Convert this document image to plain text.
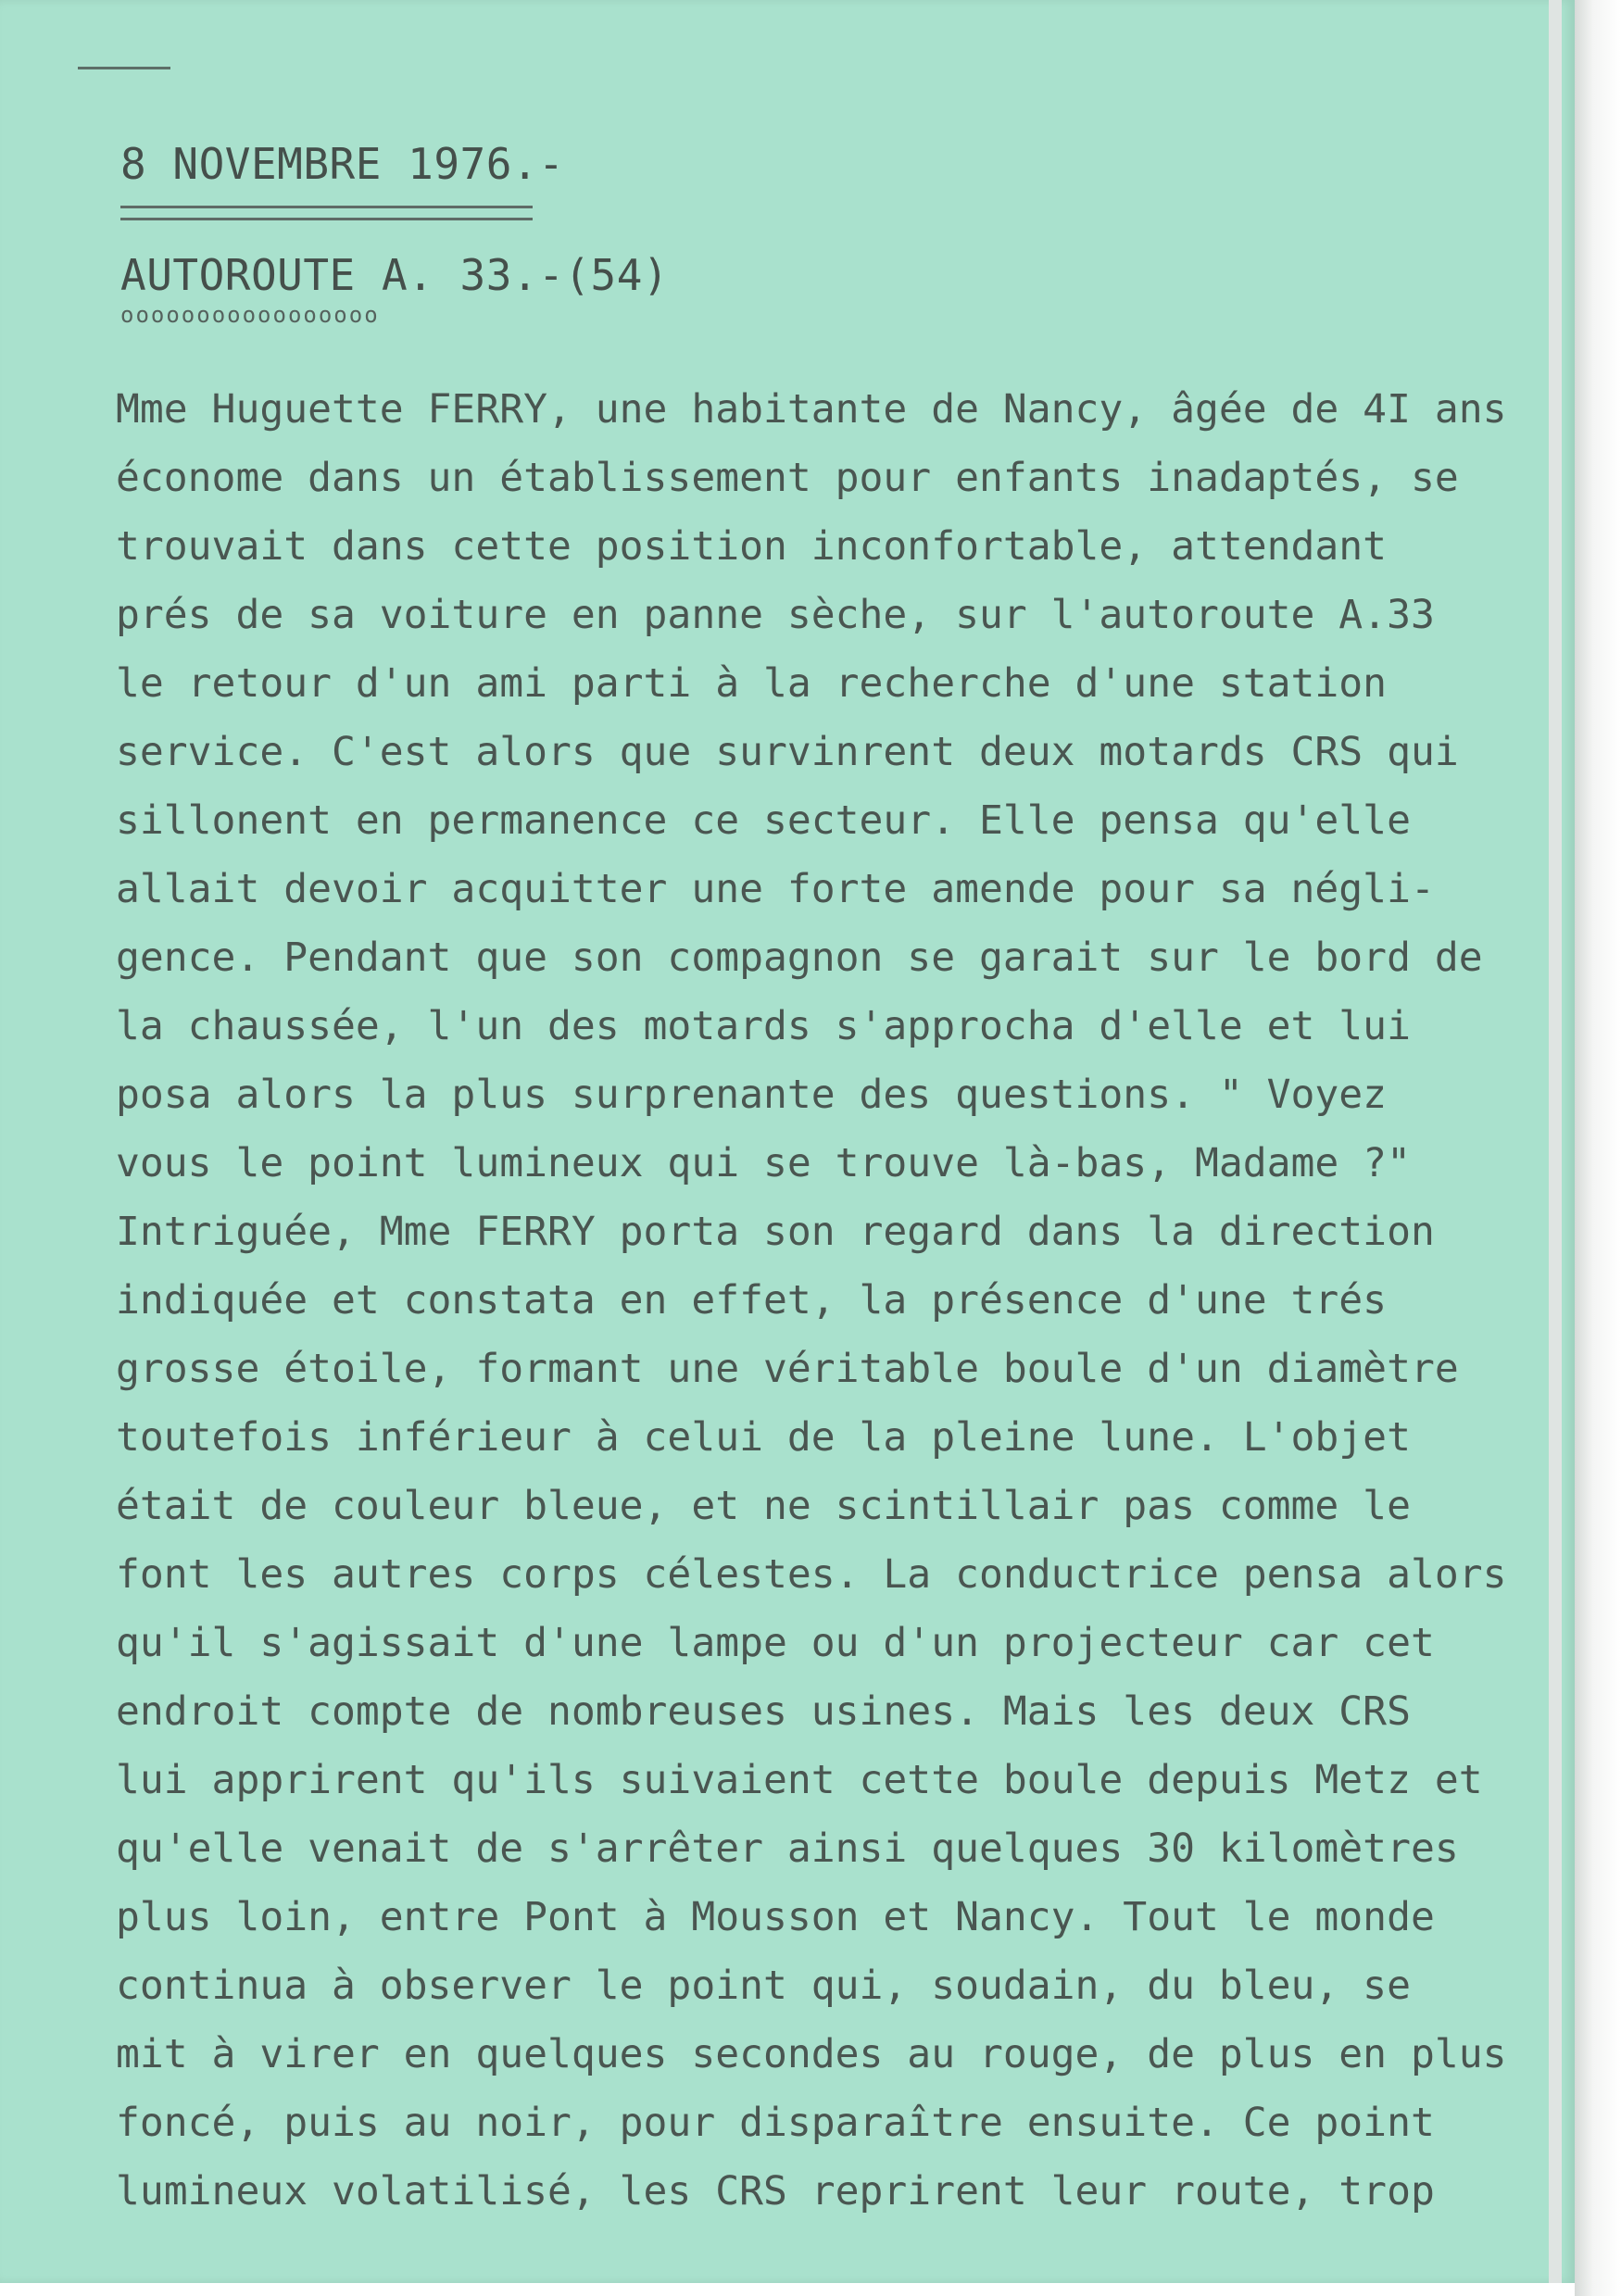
8 NOVEMBRE 1976.-
AUTOROUTE A. 33.-(54)
ooooooooooooooooo
Mme Huguette FERRY, une habitante de Nancy, âgée de 4I ans
économe dans un établissement pour enfants inadaptés, se
trouvait dans cette position inconfortable, attendant
prés de sa voiture en panne sèche, sur l'autoroute A.33
le retour d'un ami parti à la recherche d'une station
service. C'est alors que survinrent deux motards CRS qui
sillonent en permanence ce secteur. Elle pensa qu'elle
allait devoir acquitter une forte amende pour sa négli-
gence. Pendant que son compagnon se garait sur le bord de
la chaussée, l'un des motards s'approcha d'elle et lui
posa alors la plus surprenante des questions. " Voyez
vous le point lumineux qui se trouve là-bas, Madame ?"
Intriguée, Mme FERRY porta son regard dans la direction
indiquée et constata en effet, la présence d'une trés
grosse étoile, formant une véritable boule d'un diamètre
toutefois inférieur à celui de la pleine lune. L'objet
était de couleur bleue, et ne scintillair pas comme le
font les autres corps célestes. La conductrice pensa alors
qu'il s'agissait d'une lampe ou d'un projecteur car cet
endroit compte de nombreuses usines. Mais les deux CRS
lui apprirent qu'ils suivaient cette boule depuis Metz et
qu'elle venait de s'arrêter ainsi quelques 30 kilomètres
plus loin, entre Pont à Mousson et Nancy. Tout le monde
continua à observer le point qui, soudain, du bleu, se
mit à virer en quelques secondes au rouge, de plus en plus
foncé, puis au noir, pour disparaître ensuite. Ce point
lumineux volatilisé, les CRS reprirent leur route, trop
